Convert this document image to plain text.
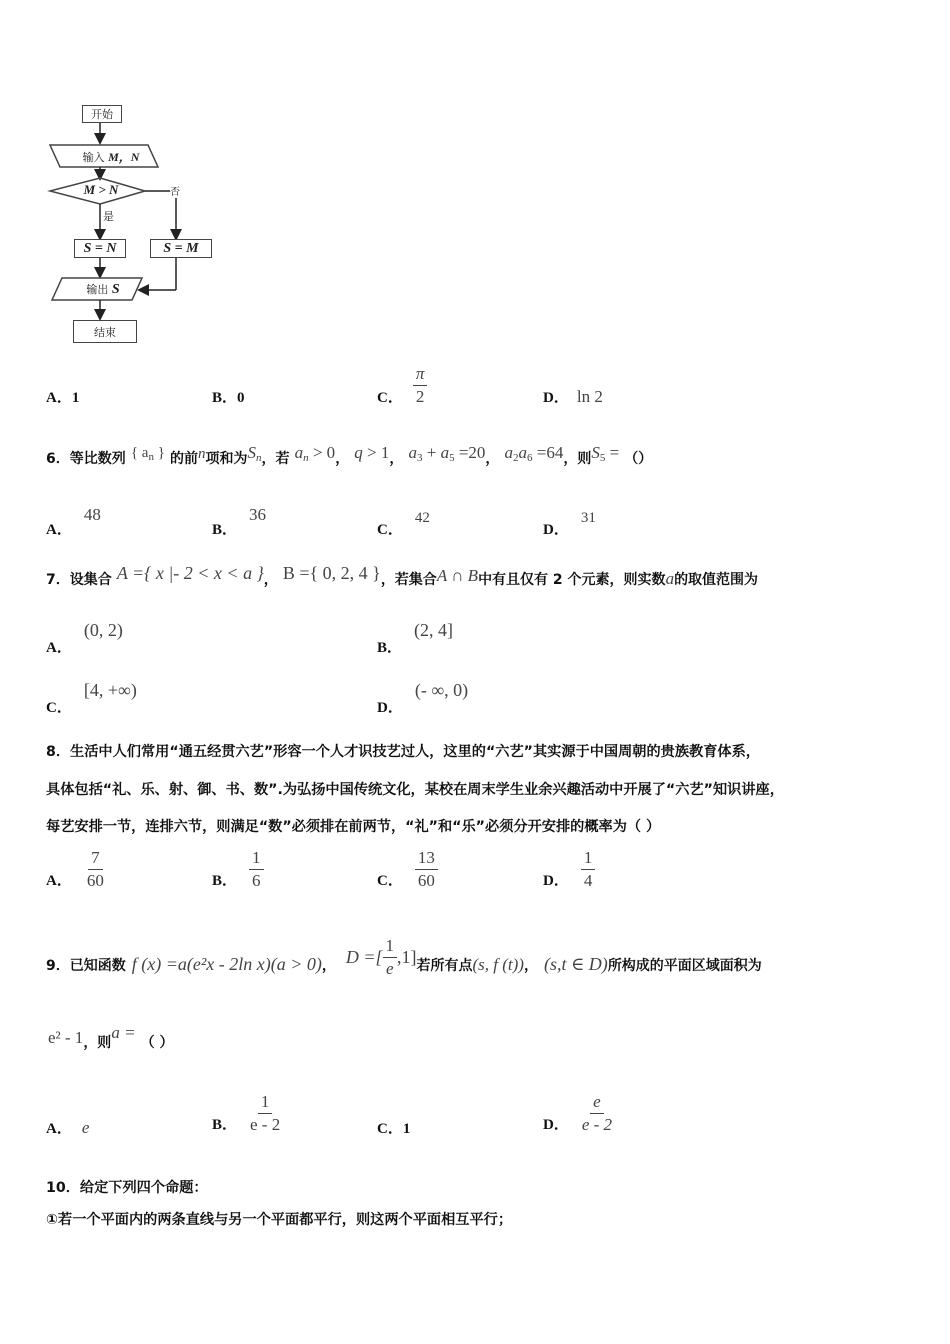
开始
输入 M，N
M > N
是
否
S = N	S = M
输出 S
结束
A．1	B．0	C． $\frac{\pi}{2}$	D． ln 2
6．等比数列 { $a_n$ } 的前n项和为$S_n$，若 $a_n > 0$， q > 1， $a_3 + a_5 =20$， $a_2a_6 =64$，则$S_5$ = （）
A．48
B．36
C．42
D．31
7．设集合 A ={ x |- 2 < x < a }， B ={ 0, 2, 4 }，若集合A ∩ B中有且仅有 2 个元素，则实数a的取值范围为
A．(0, 2)
B．(2, 4]
C．[4, +∞)
D．(- ∞, 0)
8．生活中人们常用“通五经贯六艺”形容一个人才识技艺过人，这里的“六艺”其实源于中国周朝的贵族教育体系，
具体包括“礼、乐、射、御、书、数”.为弘扬中国传统文化，某校在周末学生业余兴趣活动中开展了“六艺”知识讲座，
每艺安排一节，连排六节，则满足“数”必须排在前两节，“礼”和“乐”必须分开安排的概率为（ ）
A． $\frac{7}{60}$	B． $\frac{1}{6}$	C． $\frac{13}{60}$	D． $\frac{1}{4}$
9． 已知函数 f (x) =a(e²x - 2ln x)(a > 0) ， D =[ $\frac{1}{e} ,1$] 若所有点 (s, f (t)) ， (s,t ∈ D) 所构成的平面区域面积为
e² - 1，则a = （ ）
A． e	B． $\frac{1}{e - 2}$	C．1	D． $\frac{e}{e - 2}$
10．给定下列四个命题：
①若一个平面内的两条直线与另一个平面都平行，则这两个平面相互平行；
